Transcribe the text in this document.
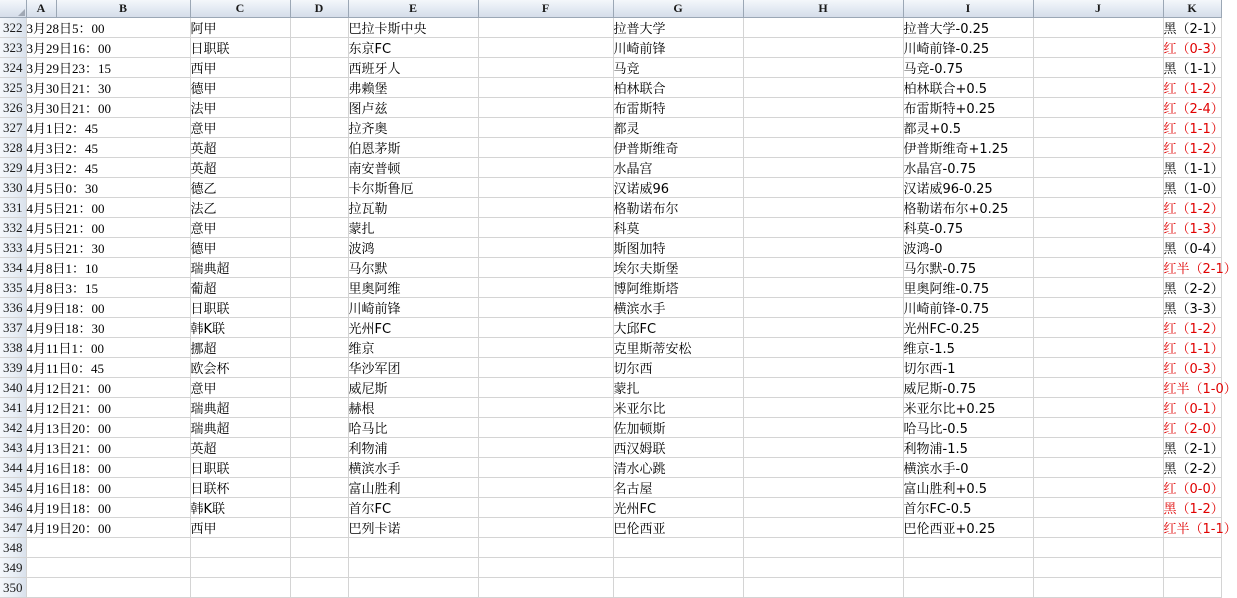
	A	B	C	D	E	F	G	H	I	J	K	
322	3月28日5：00		阿甲		巴拉卡斯中央		拉普大学		拉普大学-0.25		黑（2-1）	
323	3月29日16：00		日职联		东京FC		川崎前锋		川崎前锋-0.25		红（0-3）	
324	3月29日23：15		西甲		西班牙人		马竞		马竞-0.75		黑（1-1）	
325	3月30日21：30		德甲		弗赖堡		柏林联合		柏林联合+0.5		红（1-2）	
326	3月30日21：00		法甲		图卢兹		布雷斯特		布雷斯特+0.25		红（2-4）	
327	4月1日2：45		意甲		拉齐奥		都灵		都灵+0.5		红（1-1）	
328	4月3日2：45		英超		伯恩茅斯		伊普斯维奇		伊普斯维奇+1.25		红（1-2）	
329	4月3日2：45		英超		南安普顿		水晶宫		水晶宫-0.75		黑（1-1）	
330	4月5日0：30		德乙		卡尔斯鲁厄		汉诺威96		汉诺威96-0.25		黑（1-0）	
331	4月5日21：00		法乙		拉瓦勒		格勒诺布尔		格勒诺布尔+0.25		红（1-2）	
332	4月5日21：00		意甲		蒙扎		科莫		科莫-0.75		红（1-3）	
333	4月5日21：30		德甲		波鸿		斯图加特		波鸿-0		黑（0-4）	
334	4月8日1：10		瑞典超		马尔默		埃尔夫斯堡		马尔默-0.75		红半（2-1）	
335	4月8日3：15		葡超		里奥阿维		博阿维斯塔		里奥阿维-0.75		黑（2-2）	
336	4月9日18：00		日职联		川崎前锋		横滨水手		川崎前锋-0.75		黑（3-3）	
337	4月9日18：30		韩K联		光州FC		大邱FC		光州FC-0.25		红（1-2）	
338	4月11日1：00		挪超		维京		克里斯蒂安松		维京-1.5		红（1-1）	
339	4月11日0：45		欧会杯		华沙军团		切尔西		切尔西-1		红（0-3）	
340	4月12日21：00		意甲		威尼斯		蒙扎		威尼斯-0.75		红半（1-0）	
341	4月12日21：00		瑞典超		赫根		米亚尔比		米亚尔比+0.25		红（0-1）	
342	4月13日20：00		瑞典超		哈马比		佐加顿斯		哈马比-0.5		红（2-0）	
343	4月13日21：00		英超		利物浦		西汉姆联		利物浦-1.5		黑（2-1）	
344	4月16日18：00		日职联		横滨水手		清水心跳		横滨水手-0		黑（2-2）	
345	4月16日18：00		日联杯		富山胜利		名古屋		富山胜利+0.5		红（0-0）	
346	4月19日18：00		韩K联		首尔FC		光州FC		首尔FC-0.5		黑（1-2）	
347	4月19日20：00		西甲		巴列卡诺		巴伦西亚		巴伦西亚+0.25		红半（1-1）	
348												
349												
350												
